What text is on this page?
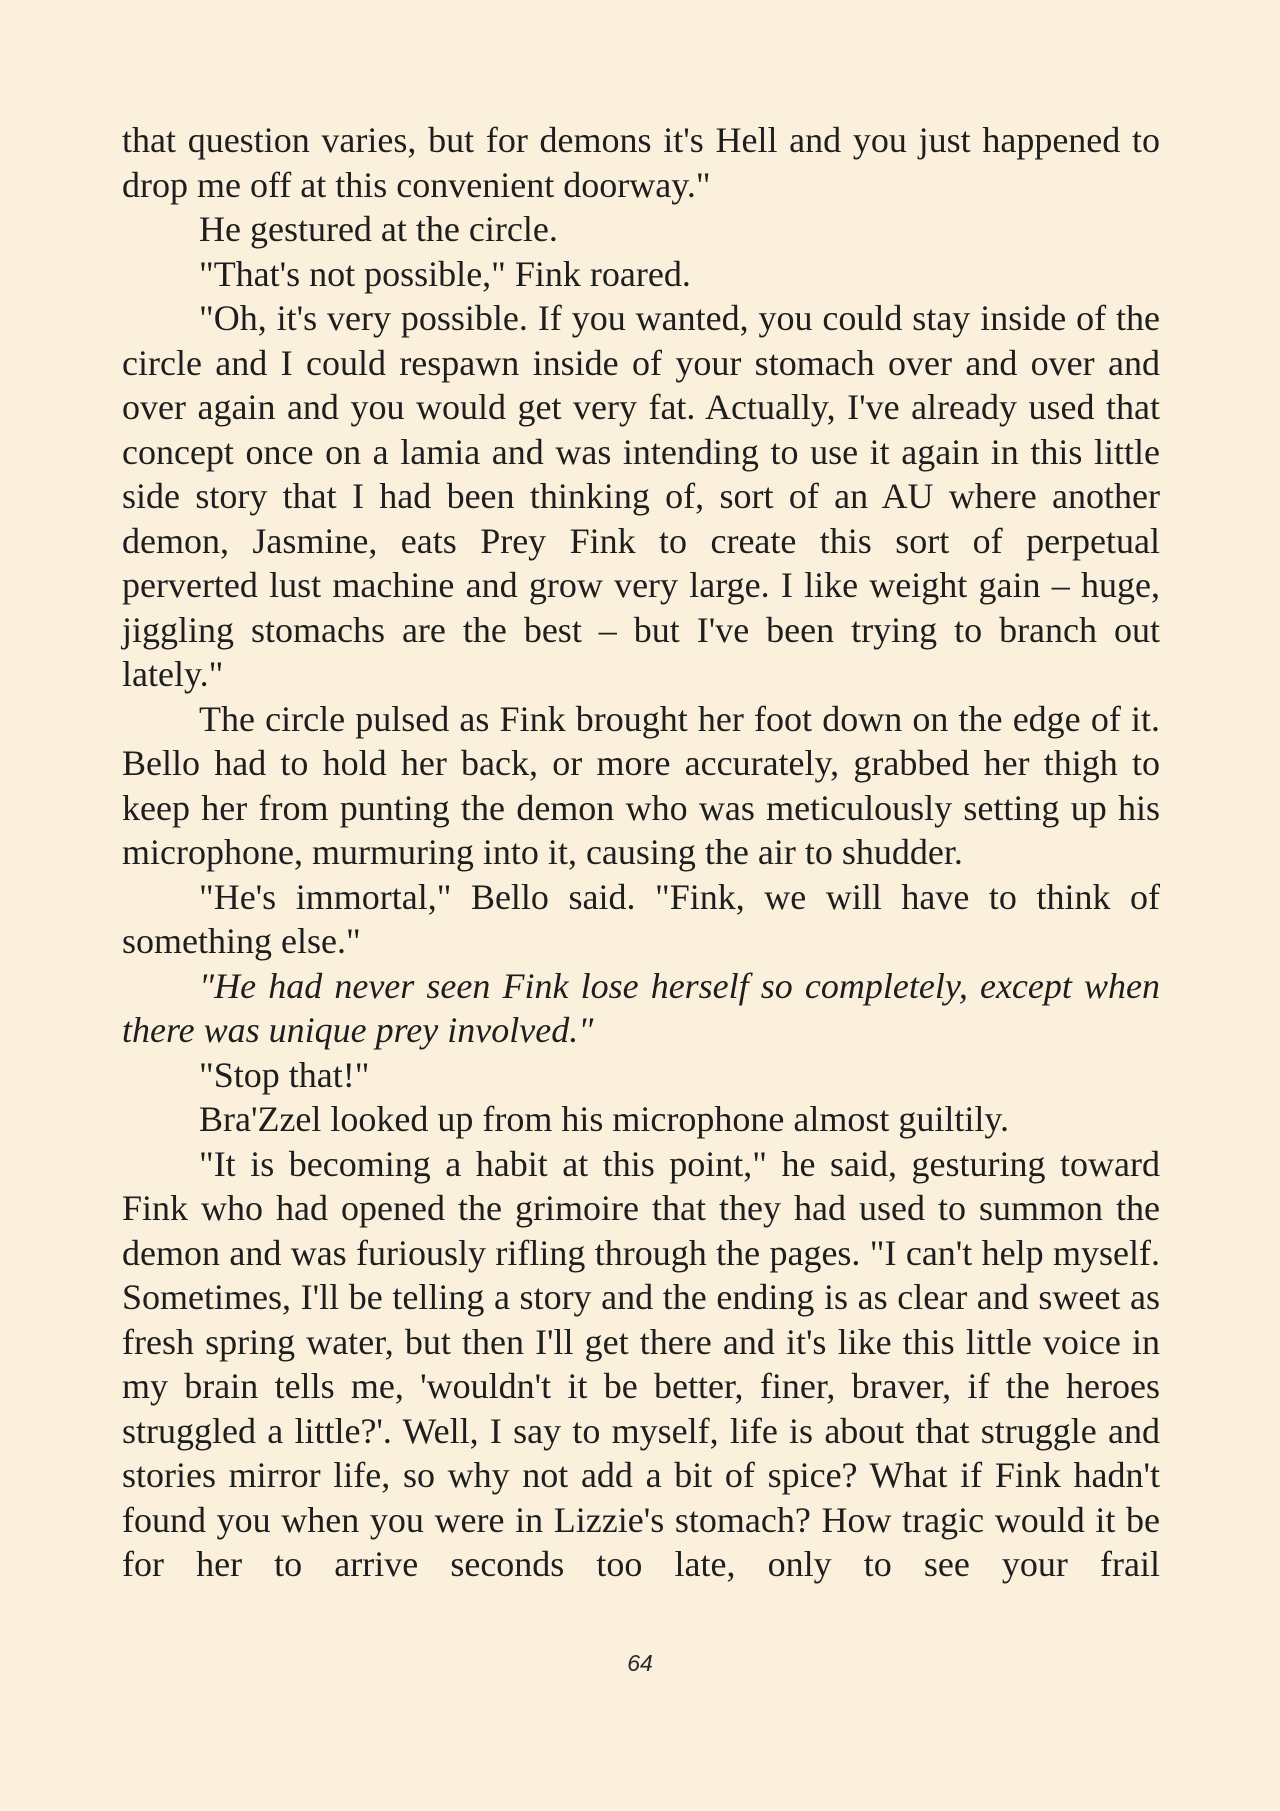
that question varies, but for demons it's Hell and you just happened to drop me off at this convenient doorway."

He gestured at the circle.

"That's not possible," Fink roared.

"Oh, it's very possible. If you wanted, you could stay inside of the circle and I could respawn inside of your stomach over and over and over again and you would get very fat. Actually, I've already used that concept once on a lamia and was intending to use it again in this little side story that I had been thinking of, sort of an AU where another demon, Jasmine, eats Prey Fink to create this sort of perpetual perverted lust machine and grow very large. I like weight gain – huge, jiggling stomachs are the best – but I've been trying to branch out lately."

The circle pulsed as Fink brought her foot down on the edge of it. Bello had to hold her back, or more accurately, grabbed her thigh to keep her from punting the demon who was meticulously setting up his microphone, murmuring into it, causing the air to shudder.

"He's immortal," Bello said. "Fink, we will have to think of something else."

"He had never seen Fink lose herself so completely, except when there was unique prey involved."

"Stop that!"

Bra'Zzel looked up from his microphone almost guiltily.

"It is becoming a habit at this point," he said, gesturing toward Fink who had opened the grimoire that they had used to summon the demon and was furiously rifling through the pages. "I can't help myself. Sometimes, I'll be telling a story and the ending is as clear and sweet as fresh spring water, but then I'll get there and it's like this little voice in my brain tells me, 'wouldn't it be better, finer, braver, if the heroes struggled a little?'. Well, I say to myself, life is about that struggle and stories mirror life, so why not add a bit of spice? What if Fink hadn't found you when you were in Lizzie's stomach? How tragic would it be for her to arrive seconds too late, only to see your frail

64
